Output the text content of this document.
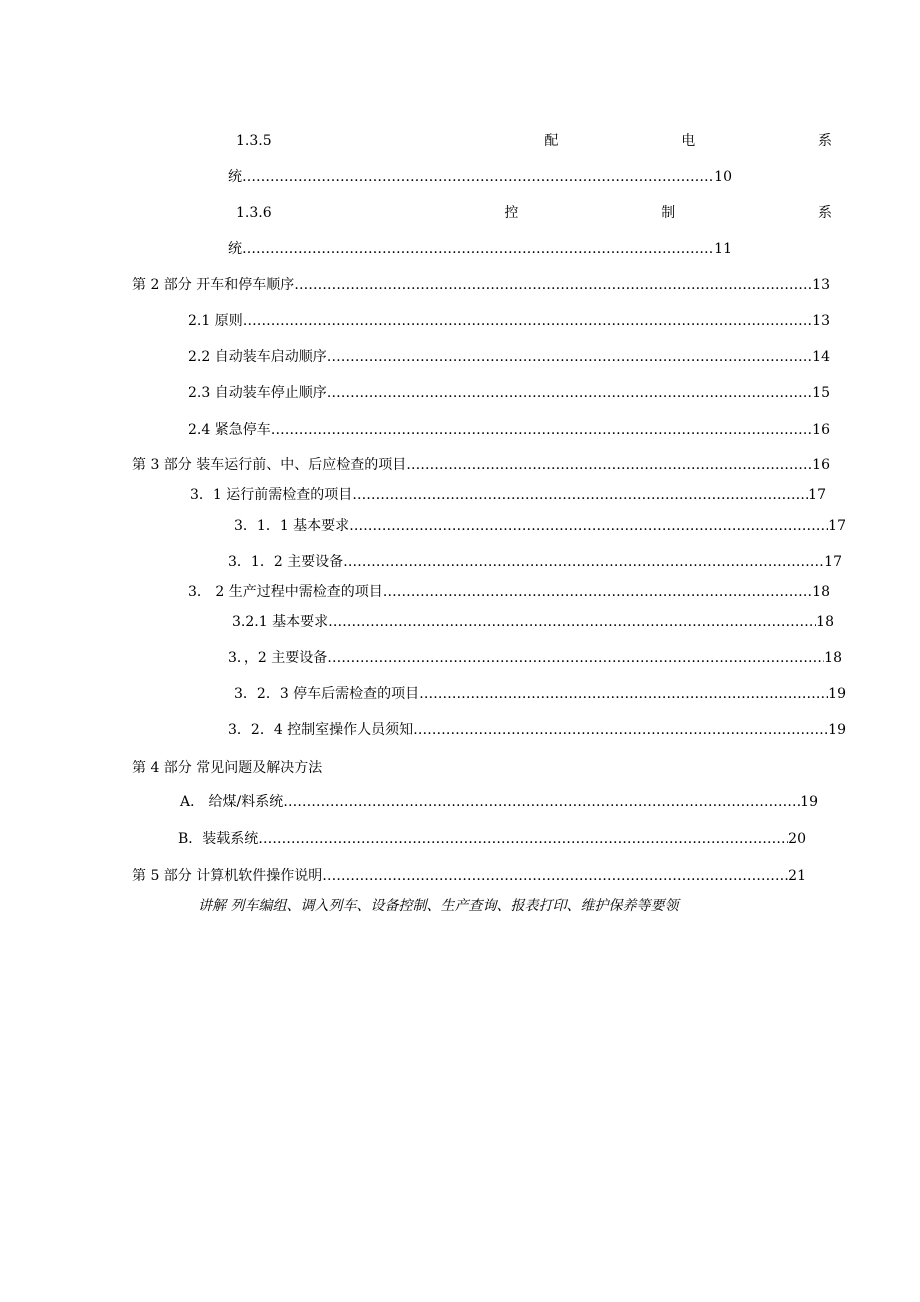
1.3.5	配	电	系
统 ……………………………………………………………………………………………………………………………………………………………………………………………………………………………………………………………………………………	10
1.3.6	控	制	系
统 ……………………………………………………………………………………………………………………………………………………………………………………………………………………………………………………………………………………	11
第 2 部分 开车和停车顺序 ……………………………………………………………………………………………………………………………………………………………………………………………………………………………………………………………………………………	13
2.1 原则 ……………………………………………………………………………………………………………………………………………………………………………………………………………………………………………………………………………………	13
2.2 自动装车启动顺序 ……………………………………………………………………………………………………………………………………………………………………………………………………………………………………………………………………………………	14
2.3 自动装车停止顺序 ……………………………………………………………………………………………………………………………………………………………………………………………………………………………………………………………………………………	15
2.4 紧急停车 ……………………………………………………………………………………………………………………………………………………………………………………………………………………………………………………………………………………	16
第 3 部分 装车运行前、中、后应检查的项目 ……………………………………………………………………………………………………………………………………………………………………………………………………………………………………………………………………………………	16
3．1 运行前需检查的项目 ……………………………………………………………………………………………………………………………………………………………………………………………………………………………………………………………………………………	17
3．1．1 基本要求 ……………………………………………………………………………………………………………………………………………………………………………………………………………………………………………………………………………………	17
3．1．2 主要设备 ……………………………………………………………………………………………………………………………………………………………………………………………………………………………………………………………………………………	17
3． 2 生产过程中需检查的项目 ……………………………………………………………………………………………………………………………………………………………………………………………………………………………………………………………………………………	18
3.2.1 基本要求 ……………………………………………………………………………………………………………………………………………………………………………………………………………………………………………………………………………………	18
3．，2 主要设备 ……………………………………………………………………………………………………………………………………………………………………………………………………………………………………………………………………………………	18
3．2．3 停车后需检查的项目 ……………………………………………………………………………………………………………………………………………………………………………………………………………………………………………………………………………………	19
3．2．4 控制室操作人员须知 ……………………………………………………………………………………………………………………………………………………………………………………………………………………………………………………………………………………	19
第 4 部分 常见问题及解决方法
A． 给煤/料系统 ……………………………………………………………………………………………………………………………………………………………………………………………………………………………………………………………………………………	19
B．装载系统 ……………………………………………………………………………………………………………………………………………………………………………………………………………………………………………………………………………………	20
第 5 部分 计算机软件操作说明 ……………………………………………………………………………………………………………………………………………………………………………………………………………………………………………………………………………………	21
讲解 列车编组、调入列车、设备控制、生产查询、报表打印、维护保养等要领
